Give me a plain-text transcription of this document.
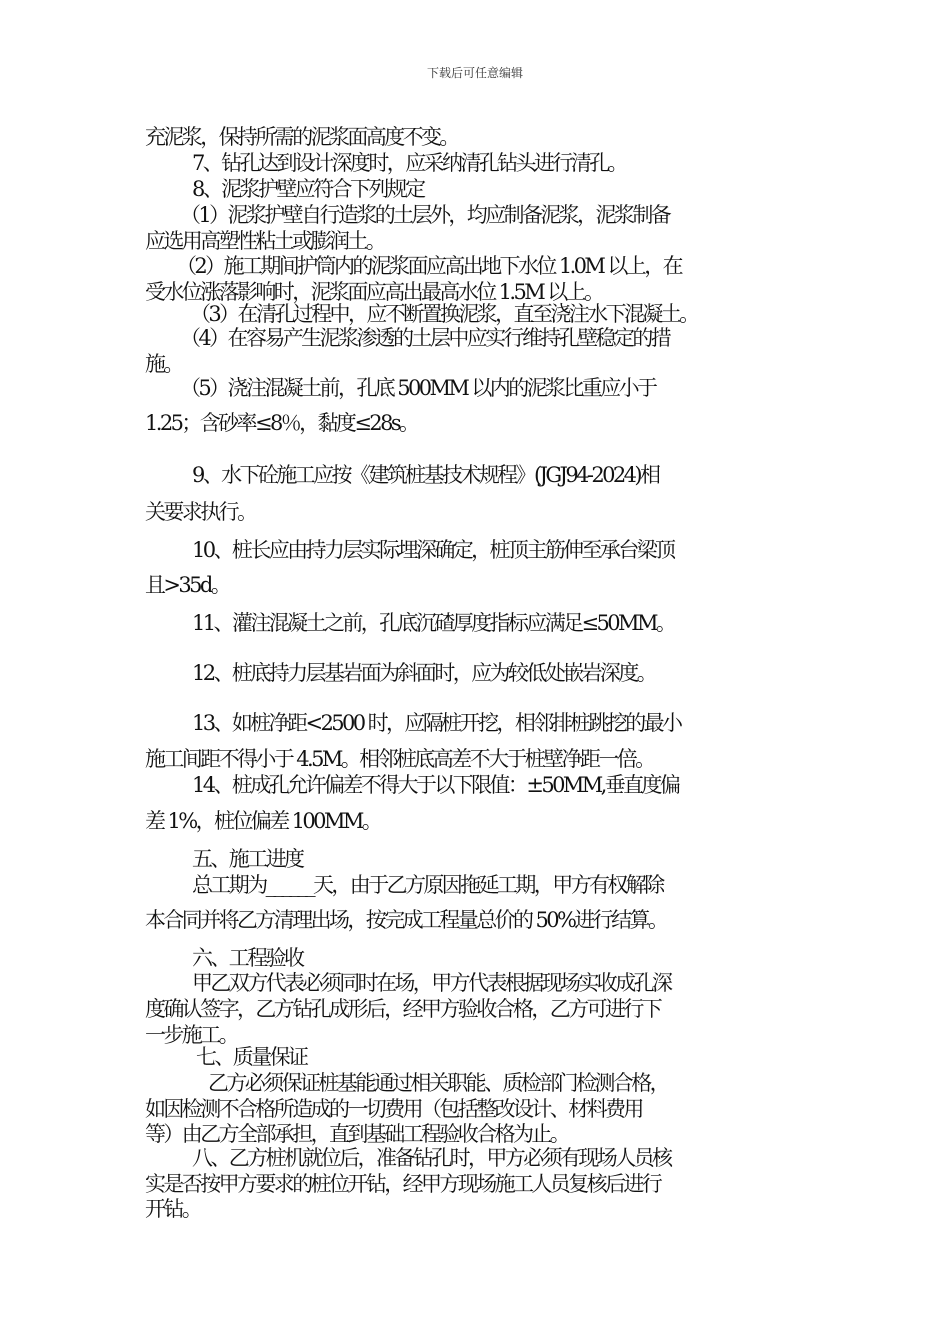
下载后可任意编辑
充泥浆，保持所需的泥浆面高度不变。
7、钻孔达到设计深度时，应采纳清孔钻头进行清孔。
8、泥浆护壁应符合下列规定
（1）泥浆护壁自行造浆的土层外，均应制备泥浆，泥浆制备
应选用高塑性粘土或膨润土。
（2）施工期间护筒内的泥浆面应高出地下水位 1.0M 以上，在
受水位涨落影响时，泥浆面应高出最高水位 1.5M 以上。
（3）在清孔过程中，应不断置换泥浆，直至浇注水下混凝土。
（4）在容易产生泥浆渗透的土层中应实行维持孔壁稳定的措
施。
（5）浇注混凝土前，孔底 500MM 以内的泥浆比重应小于
1.25；含砂率≤8％，黏度≤28s。
9、水下砼施工应按《建筑桩基技术规程》(JGJ94-2024)相
关要求执行。
10、桩长应由持力层实际埋深确定，桩顶主筋伸至承台梁顶
且>35d。
11、灌注混凝土之前，孔底沉碴厚度指标应满足≤50MM。
12、桩底持力层基岩面为斜面时，应为较低处嵌岩深度。
13、如桩净距<2500 时，应隔桩开挖，相邻排桩跳挖的最小
施工间距不得小于 4.5M。相邻桩底高差不大于桩壁净距一倍。
14、桩成孔允许偏差不得大于以下限值：±50MM,垂直度偏
差 1%，桩位偏差 100MM。
五、施工进度
总工期为______天，由于乙方原因拖延工期，甲方有权解除
本合同并将乙方清理出场，按完成工程量总价的 50%进行结算。
六、工程验收
甲乙双方代表必须同时在场，甲方代表根据现场实收成孔深
度确认签字，乙方钻孔成形后，经甲方验收合格，乙方可进行下
一步施工。
七、质量保证
乙方必须保证桩基能通过相关职能、质检部门检测合格，
如因检测不合格所造成的一切费用（包括整改设计、材料费用
等）由乙方全部承担，直到基础工程验收合格为止。
八、乙方桩机就位后，准备钻孔时，甲方必须有现场人员核
实是否按甲方要求的桩位开钻，经甲方现场施工人员复核后进行
开钻。
